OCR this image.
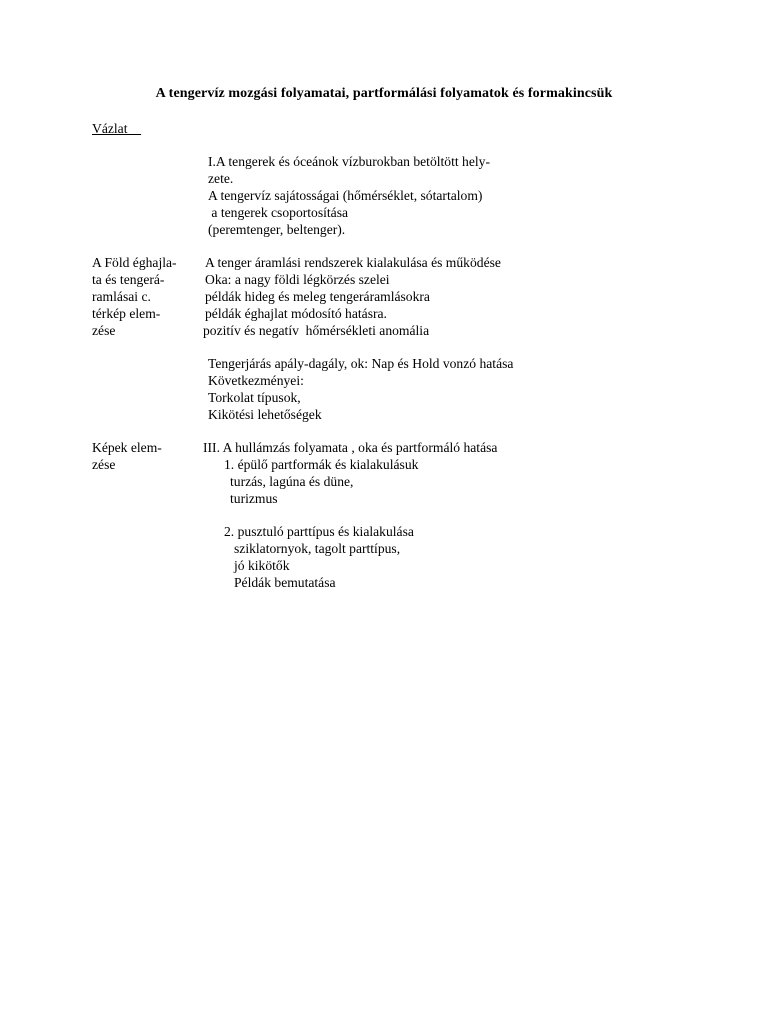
A tengervíz mozgási folyamatai, partformálási folyamatok és formakincsük
Vázlat
I.A tengerek és óceánok vízburokban betöltött hely-
zete.
A tengervíz sajátosságai (hőmérséklet, sótartalom)
a tengerek csoportosítása
(peremtenger, beltenger).
A Föld éghajla-
ta és tengerá-
ramlásai c.
térkép elem-
zése
A tenger áramlási rendszerek kialakulása és működése
Oka: a nagy földi légkörzés szelei
példák hideg és meleg tengeráramlásokra
példák éghajlat módosító hatásra.
pozitív és negatív  hőmérsékleti anomália
Tengerjárás apály-dagály, ok: Nap és Hold vonzó hatása
Következményei:
Torkolat típusok,
Kikötési lehetőségek
Képek elem-
zése
III. A hullámzás folyamata , oka és partformáló hatása
1. épülő partformák és kialakulásuk
turzás, lagúna és düne,
turizmus
2. pusztuló parttípus és kialakulása
sziklatornyok, tagolt parttípus,
jó kikötők
Példák bemutatása
